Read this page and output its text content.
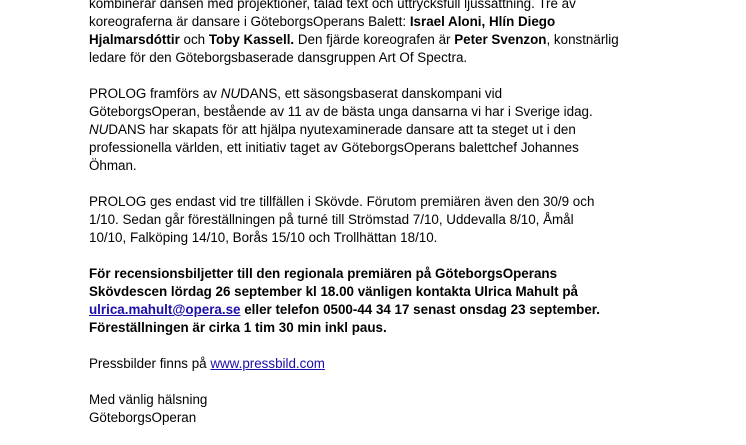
kombinerar dansen med projektioner, talad text och uttrycksfull ljussättning. Tre av
koreograferna är dansare i GöteborgsOperans Balett: Israel Aloni, Hlín Diego
Hjalmarsdóttir och Toby Kassell. Den fjärde koreografen är Peter Svenzon, konstnärlig
ledare för den Göteborgsbaserade dansgruppen Art Of Spectra.

PROLOG framförs av NUDANS, ett säsongsbaserat danskompani vid
GöteborgsOperan, bestående av 11 av de bästa unga dansarna vi har i Sverige idag.
NUDANS har skapats för att hjälpa nyutexaminerade dansare att ta steget ut i den
professionella världen, ett initiativ taget av GöteborgsOperans balettchef Johannes
Öhman.

PROLOG ges endast vid tre tillfällen i Skövde. Förutom premiären även den 30/9 och
1/10. Sedan går föreställningen på turné till Strömstad 7/10, Uddevalla 8/10, Åmål
10/10, Falköping 14/10, Borås 15/10 och Trollhättan 18/10.

För recensionsbiljetter till den regionala premiären på GöteborgsOperans
Skövdescen lördag 26 september kl 18.00 vänligen kontakta Ulrica Mahult på
ulrica.mahult@opera.se eller telefon 0500-44 34 17 senast onsdag 23 september.
Föreställningen är cirka 1 tim 30 min inkl paus.

Pressbilder finns på www.pressbild.com

Med vänlig hälsning
GöteborgsOperan
